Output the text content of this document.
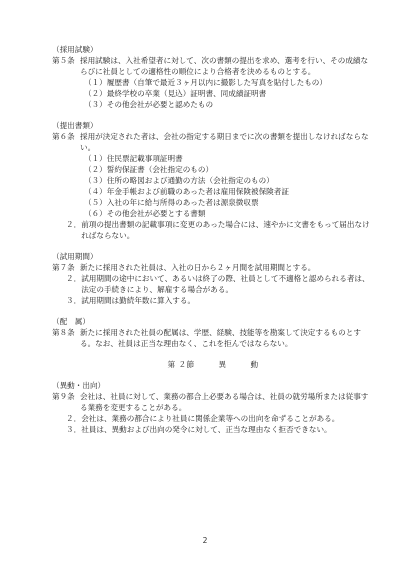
（採用試験）
第５条 採用試験は、入社希望者に対して、次の書類の提出を求め、選考を行い、その成績ならびに社員としての適格性の順位により合格者を決めるものとする。
（１）履歴書（自筆で最近３ヶ月以内に撮影した写真を貼付したもの）
（２）最終学校の卒業（見込）証明書、同成績証明書
（３）その他会社が必要と認めたもの
（提出書類）
第６条 採用が決定された者は、会社の指定する期日までに次の書類を提出しなければならない。
（１）住民票記載事項証明書
（２）誓約保証書（会社指定のもの）
（３）住所の略図および通勤の方法（会社指定のもの）
（４）年金手帳および前職のあった者は雇用保険被保険者証
（５）入社の年に給与所得のあった者は源泉徴収票
（６）その他会社が必要とする書類
２． 前項の提出書類の記載事項に変更のあった場合には、速やかに文書をもって届出なければならない。
（試用期間）
第７条 新たに採用された社員は、入社の日から２ヶ月間を試用期間とする。
２． 試用期間の途中において、あるいは終了の際、社員として不適格と認められる者は、法定の手続きにより、解雇する場合がある。
３． 試用期間は勤続年数に算入する。
（配　属）
第８条 新たに採用された社員の配属は、学歴、経験、技能等を勘案して決定するものとする。なお、社員は正当な理由なく、これを拒んではならない。
第 ２節	異	動
（異動・出向）
第９条 会社は、社員に対して、業務の都合上必要ある場合は、社員の就労場所または従事する業務を変更することがある。
２． 会社は、業務の都合により社員に関係企業等への出向を命ずることがある。
３． 社員は、異動および出向の発令に対して、正当な理由なく拒否できない。
2
